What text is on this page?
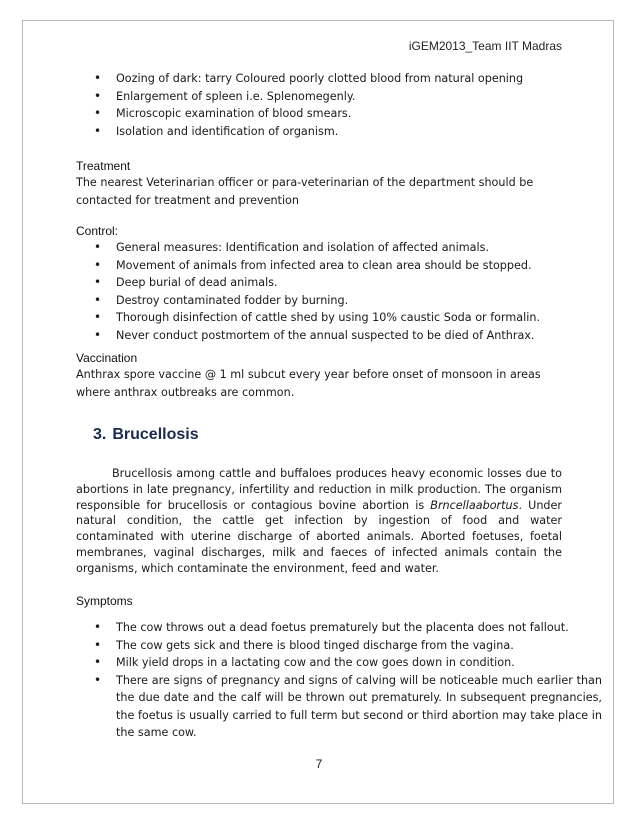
iGEM2013_Team IIT Madras
• Oozing of dark: tarry Coloured poorly clotted blood from natural opening
• Enlargement of spleen i.e. Splenomegenly.
• Microscopic examination of blood smears.
• Isolation and identification of organism.
Treatment

The nearest Veterinarian officer or para-veterinarian of the department should be contacted for treatment and prevention

Control:
• General measures: Identification and isolation of affected animals.
• Movement of animals from infected area to clean area should be stopped.
• Deep burial of dead animals.
• Destroy contaminated fodder by burning.
• Thorough disinfection of cattle shed by using 10% caustic Soda or formalin.
• Never conduct postmortem of the annual suspected to be died of Anthrax.
Vaccination

Anthrax spore vaccine @ 1 ml subcut every year before onset of monsoon in areas where anthrax outbreaks are common.

3. Brucellosis

Brucellosis among cattle and buffaloes produces heavy economic losses due to abortions in late pregnancy, infertility and reduction in milk production. The organism responsible for brucellosis or contagious bovine abortion is Brncellaabortus. Under natural condition, the cattle get infection by ingestion of food and water contaminated with uterine discharge of aborted animals. Aborted foetuses, foetal membranes, vaginal discharges, milk and faeces of infected animals contain the organisms, which contaminate the environment, feed and water.

Symptoms
• The cow throws out a dead foetus prematurely but the placenta does not fallout.
• The cow gets sick and there is blood tinged discharge from the vagina.
• Milk yield drops in a lactating cow and the cow goes down in condition.
• There are signs of pregnancy and signs of calving will be noticeable much earlier than the due date and the calf will be thrown out prematurely. In subsequent pregnancies, the foetus is usually carried to full term but second or third abortion may take place in the same cow.
7
